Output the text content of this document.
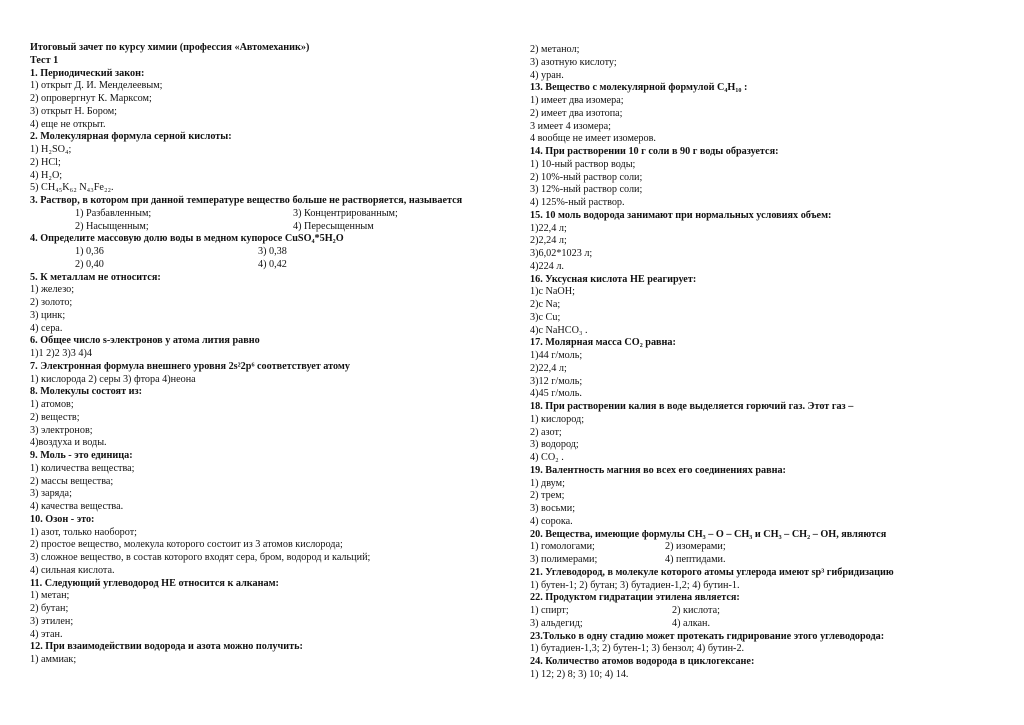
Итоговый зачет по курсу химии (профессия «Автомеханик»)
Тест 1
1. Периодический закон:
1) открыт Д. И. Менделеевым;
2) опровергнут К. Марксом;
3) открыт Н. Бором;
4) еще не открыт.
2. Молекулярная формула серной кислоты:
1) H₂SO₄;
2) HCl;
4) H₂O;
5) CH₄₅K₆₂ N₄₃Fe₂₂.
3. Раствор, в котором при данной температуре вещество больше не растворяется, называется
1) Разбавленным;	3) Концентрированным;
2) Насыщенным;	4) Пересыщенным
4. Определите массовую долю воды в медном купоросе CuSO₄*5H₂O
1) 0,36	3) 0,38
2) 0,40	4) 0,42
5. К металлам не относится:
1) железо;
2) золото;
3) цинк;
4) сера.
6. Общее число s-электронов у атома лития равно
1)1 2)2 3)3 4)4
7. Электронная формула внешнего уровня 2s²2p⁶ соответствует атому
1) кислорода 2) серы 3) фтора 4)неона
8. Молекулы состоят из:
1) атомов;
2) веществ;
3) электронов;
4)воздуха и воды.
9. Моль - это единица:
1) количества вещества;
2) массы вещества;
3) заряда;
4) качества вещества.
10. Озон - это:
1) азот, только наоборот;
2) простое вещество, молекула которого состоит из 3 атомов кислорода;
3) сложное вещество, в состав которого входят сера, бром, водород и кальций;
4) сильная кислота.
11. Следующий углеводород НЕ относится к алканам:
1) метан;
2) бутан;
3) этилен;
4) этан.
12. При взаимодействии водорода и азота можно получить:
1) аммиак;
2) метанол;
3) азотную кислоту;
4) уран.
13. Вещество с молекулярной формулой C₄H₁₀ :
1) имеет два изомера;
2) имеет два изотопа;
3 имеет 4 изомера;
4 вообще не имеет изомеров.
14. При растворении 10 г соли в 90 г воды образуется:
1) 10-ный раствор воды;
2) 10%-ный раствор соли;
3) 12%-ный раствор соли;
4) 125%-ный раствор.
15. 10 моль водорода занимают при нормальных условиях объем:
1)22,4 л;
2)2,24 л;
3)6,02*1023 л;
4)224 л.
16. Уксусная кислота НЕ реагирует:
1)с NaOH;
2)с Na;
3)с Cu;
4)с NaHCO₃ .
17. Молярная масса CO₂ равна:
1)44 г/моль;
2)22,4 л;
3)12 г/моль;
4)45 г/моль.
18. При растворении калия в воде выделяется горючий газ. Этот газ –
1) кислород;
2) азот;
3) водород;
4) CO₂ .
19. Валентность магния во всех его соединениях равна:
1) двум;
2) трем;
3) восьми;
4) сорока.
20. Вещества, имеющие формулы CH₃ – O – CH₃ и CH₃ – CH₂ – OH, являются
1) гомологами;	2) изомерами;
3) полимерами;	4) пептидами.
21. Углеводород, в молекуле которого атомы углерода имеют sp³ гибридизацию
1) бутен-1; 2) бутан; 3) бутадиен-1,2; 4) бутин-1.
22. Продуктом гидратации этилена является:
1) спирт;	2) кислота;
3) альдегид;	4) алкан.
23.Только в одну стадию может протекать гидрирование этого углеводорода:
1) бутадиен-1,3; 2) бутен-1; 3) бензол; 4) бутин-2.
24. Количество атомов водорода в циклогексане:
1) 12; 2) 8; 3) 10; 4) 14.
